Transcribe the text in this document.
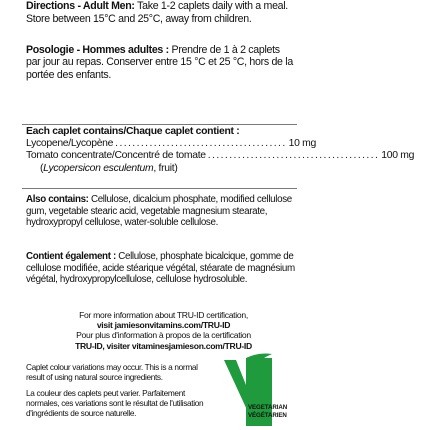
Directions - Adult Men: Take 1-2 caplets daily with a meal. Store between 15°C and 25°C, away from children.
Posologie - Hommes adultes : Prendre de 1 à 2 caplets par jour au repas. Conserver entre 15 °C et 25 °C, hors de la portée des enfants.
Each caplet contains/Chaque caplet contient :
Lycopene/Lycopène ........................................ 10 mg
Tomato concentrate/Concentré de tomate ........................................ 100 mg
(Lycopersicon esculentum, fruit)
Also contains: Cellulose, dicalcium phosphate, modified cellulose gum, vegetable stearic acid, vegetable magnesium stearate, hydroxypropyl cellulose, water-soluble cellulose.
Contient également : Cellulose, phosphate bicalcique, gomme de cellulose modifiée, acide stéarique végétal, stéarate de magnésium végétal, hydroxypropylcellulose, cellulose hydrosoluble.
For more information about TRU-ID certification,
visit jamiesonvitamins.com/TRU-ID
Pour plus d'information à propos de la certification
TRU-ID, visiter vitaminesjamieson.com/TRU-ID
Caplet colour variations may occur. This is a normal result of using natural source ingredients.
La couleur des caplets peut varier. Parfaitement normales, ces variations sont le résultat de l'utilisation d'ingrédients de source naturelle.
VEGETARIAN
VÉGÉTARIEN
